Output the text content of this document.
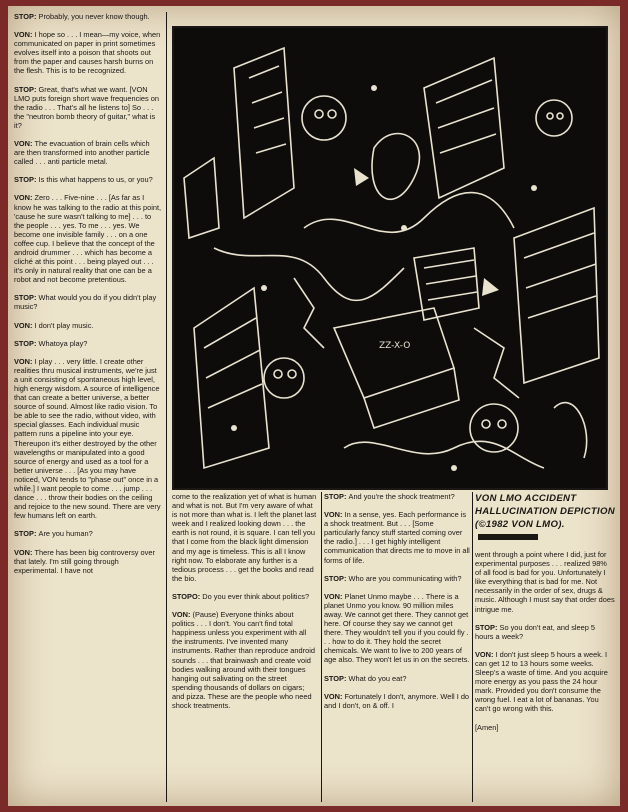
STOP: Probably, you never know though.

VON: I hope so . . . I mean—my voice, when communicated on paper in print sometimes evolves itself into a poison that shoots out from the paper and causes harsh burns on the flesh. This is to be recognized.

STOP: Great, that's what we want. [VON LMO puts foreign short wave frequencies on the radio . . . That's all he listens to] So . . . the "neutron bomb theory of guitar," what is it?

VON: The evacuation of brain cells which are then transformed into another particle called . . . anti particle metal.

STOP: Is this what happens to us, or you?

VON: Zero . . . Five-nine . . . [As far as I know he was talking to the radio at this point, 'cause he sure wasn't talking to me] . . . to the people . . . yes. To me . . . yes. We become one invisible family . . . on a one coffee cup. I believe that the concept of the android drummer . . . which has become a cliché at this point . . . being played out . . . it's only in natural reality that one can be a robot and not become pretentious.

STOP: What would you do if you didn't play music?

VON: I don't play music.

STOP: Whatoya play?

VON: I play . . . very little. I create other realities thru musical instruments, we're just a unit consisting of spontaneous high level, high energy wisdom. A source of intelligence that can create a better universe, a better source of sound. Almost like radio vision. To be able to see the radio, without video, with special glasses. Each individual music pattern runs a pipeline into your eye. Thereupon it's either destroyed by the other wavelengths or manipulated into a good source of energy and used as a tool for a better universe . . . [As you may have noticed, VON tends to "phase out" once in a while.] I want people to come . . . jump . . . dance . . . throw their bodies on the ceiling and rejoice to the new sound. There are very few humans left on earth.

STOP: Are you human?

VON: There has been big controversy over that lately. I'm still going through experimental. I have not

ZZ-X-O

come to the realization yet of what is human and what is not. But I'm very aware of what is not more than what is. I left the planet last week and I realized looking down . . . the earth is not round, it is square. I can tell you that I come from the black light dimension and my age is timeless. This is all I know right now. To elaborate any further is a tedious process . . . get the books and read the bio.

STOPO: Do you ever think about politics?

VON: (Pause) Everyone thinks about politics . . . I don't. You can't find total happiness unless you experiment with all the instruments. I've invented many instruments. Rather than reproduce android sounds . . . that brainwash and create void bodies walking around with their tongues hanging out salivating on the street spending thousands of dollars on cigars; and pizza. These are the people who need shock treatments.

STOP: And you're the shock treatment?

VON: In a sense, yes. Each performance is a shock treatment. But . . . [Some particularly fancy stuff started coming over the radio.] . . . I get highly intelligent communication that directs me to move in all forms of life.

STOP: Who are you communicating with?

VON: Planet Unmo maybe . . . There is a planet Unmo you know. 90 million miles away. We cannot get there. They cannot get here. Of course they say we cannot get there. They wouldn't tell you if you could fly . . . how to do it. They hold the secret chemicals. We want to live to 200 years of age also. They won't let us in on the secrets.

STOP: What do you eat?

VON: Fortunately I don't, anymore. Well I do and I don't, on & off. I

VON LMO ACCIDENT HALLUCINATION DEPICTION (©1982 VON LMO).

went through a point where I did, just for experimental purposes . . . realized 98% of all food is bad for you. Unfortunately I like everything that is bad for me. Not necessarily in the order of sex, drugs & music. Although I must say that order does intrigue me.

STOP: So you don't eat, and sleep 5 hours a week?

VON: I don't just sleep 5 hours a week. I can get 12 to 13 hours some weeks. Sleep's a waste of time. And you acquire more energy as you pass the 24 hour mark. Provided you don't consume the wrong fuel. I eat a lot of bananas. You can't go wrong with this.

[Amen]
